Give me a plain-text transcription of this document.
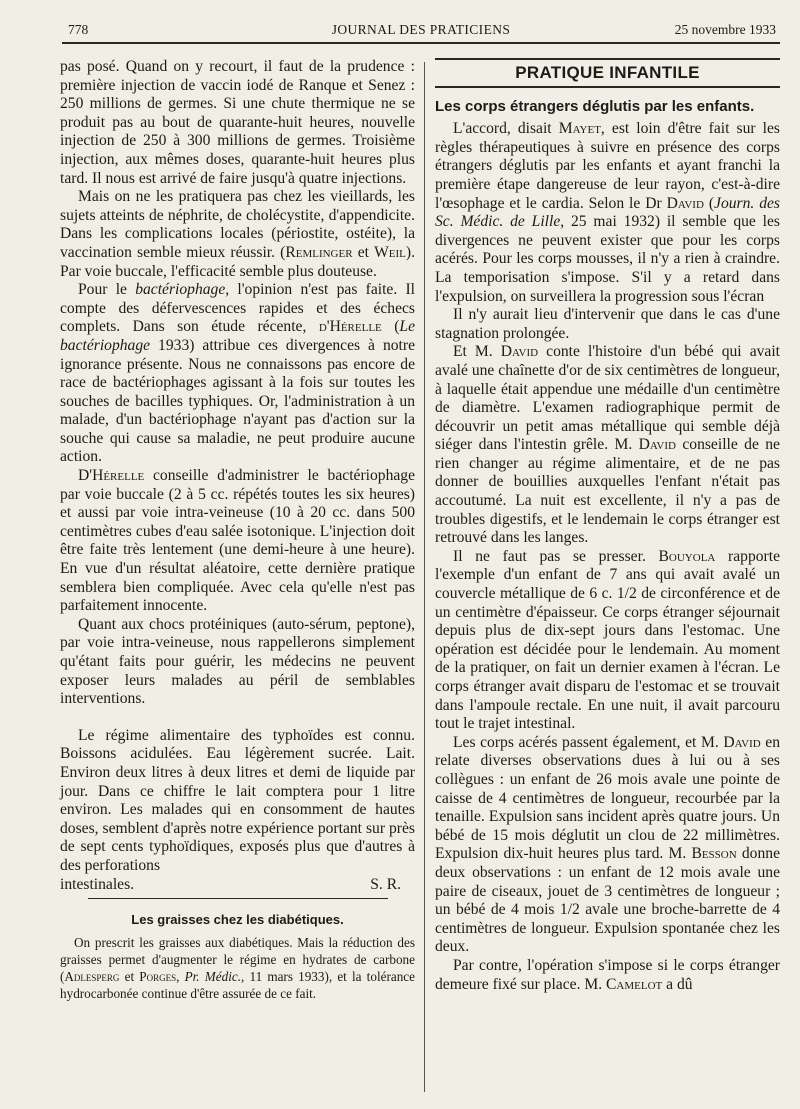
778	JOURNAL DES PRATICIENS	25 novembre 1933

pas posé. Quand on y recourt, il faut de la prudence : première injection de vaccin iodé de Ranque et Senez : 250 millions de germes. Si une chute thermique ne se produit pas au bout de quarante-huit heures, nouvelle injection de 250 à 300 millions de germes. Troisième injection, aux mêmes doses, quarante-huit heures plus tard. Il nous est arrivé de faire jusqu'à quatre injections.

Mais on ne les pratiquera pas chez les vieillards, les sujets atteints de néphrite, de cholécystite, d'appendicite. Dans les complications locales (périostite, ostéite), la vaccination semble mieux réussir. (Remlinger et Weil). Par voie buccale, l'efficacité semble plus douteuse.

Pour le bactériophage, l'opinion n'est pas faite. Il compte des défervescences rapides et des échecs complets. Dans son étude récente, d'Hérelle (Le bactériophage 1933) attribue ces divergences à notre ignorance présente. Nous ne connaissons pas encore de race de bactériophages agissant à la fois sur toutes les souches de bacilles typhiques. Or, l'administration à un malade, d'un bactériophage n'ayant pas d'action sur la souche qui cause sa maladie, ne peut produire aucune action.

D'Hérelle conseille d'administrer le bactériophage par voie buccale (2 à 5 cc. répétés toutes les six heures) et aussi par voie intra-veineuse (10 à 20 cc. dans 500 centimètres cubes d'eau salée isotonique. L'injection doit être faite très lentement (une demi-heure à une heure). En vue d'un résultat aléatoire, cette dernière pratique semblera bien compliquée. Avec cela qu'elle n'est pas parfaitement innocente.

Quant aux chocs protéiniques (auto-sérum, peptone), par voie intra-veineuse, nous rappellerons simplement qu'étant faits pour guérir, les médecins ne peuvent exposer leurs malades au péril de semblables interventions.

Le régime alimentaire des typhoïdes est connu. Boissons acidulées. Eau légèrement sucrée. Lait. Environ deux litres à deux litres et demi de liquide par jour. Dans ce chiffre le lait comptera pour 1 litre environ. Les malades qui en consomment de hautes doses, semblent d'après notre expérience portant sur près de sept cents typhoïdiques, exposés plus que d'autres à des perforations

intestinales.	S. R.

Les graisses chez les diabétiques.

On prescrit les graisses aux diabétiques. Mais la réduction des graisses permet d'augmenter le régime en hydrates de carbone (Adlesperg et Porges, Pr. Médic., 11 mars 1933), et la tolérance hydrocarbonée continue d'être assurée de ce fait.

PRATIQUE INFANTILE

Les corps étrangers déglutis par les enfants.

L'accord, disait Mayet, est loin d'être fait sur les règles thérapeutiques à suivre en présence des corps étrangers déglutis par les enfants et ayant franchi la première étape dangereuse de leur rayon, c'est-à-dire l'œsophage et le cardia. Selon le Dr David (Journ. des Sc. Médic. de Lille, 25 mai 1932) il semble que les divergences ne peuvent exister que pour les corps acérés. Pour les corps mousses, il n'y a rien à craindre. La temporisation s'impose. S'il y a retard dans l'expulsion, on surveillera la progression sous l'écran

Il n'y aurait lieu d'intervenir que dans le cas d'une stagnation prolongée.

Et M. David conte l'histoire d'un bébé qui avait avalé une chaînette d'or de six centimètres de longueur, à laquelle était appendue une médaille d'un centimètre de diamètre. L'examen radiographique permit de découvrir un petit amas métallique qui semble déjà siéger dans l'intestin grêle. M. David conseille de ne rien changer au régime alimentaire, et de ne pas donner de bouillies auxquelles l'enfant n'était pas accoutumé. La nuit est excellente, il n'y a pas de troubles digestifs, et le lendemain le corps étranger est retrouvé dans les langes.

Il ne faut pas se presser. Bouyola rapporte l'exemple d'un enfant de 7 ans qui avait avalé un couvercle métallique de 6 c. 1/2 de circonférence et de un centimètre d'épaisseur. Ce corps étranger séjournait depuis plus de dix-sept jours dans l'estomac. Une opération est décidée pour le lendemain. Au moment de la pratiquer, on fait un dernier examen à l'écran. Le corps étranger avait disparu de l'estomac et se trouvait dans l'ampoule rectale. En une nuit, il avait parcouru tout le trajet intestinal.

Les corps acérés passent également, et M. David en relate diverses observations dues à lui ou à ses collègues : un enfant de 26 mois avale une pointe de caisse de 4 centimètres de longueur, recourbée par la tenaille. Expulsion sans incident après quatre jours. Un bébé de 15 mois déglutit un clou de 22 millimètres. Expulsion dix-huit heures plus tard. M. Besson donne deux observations : un enfant de 12 mois avale une paire de ciseaux, jouet de 3 centimètres de longueur ; un bébé de 4 mois 1/2 avale une broche-barrette de 4 centimètres de longueur. Expulsion spontanée chez les deux.

Par contre, l'opération s'impose si le corps étranger demeure fixé sur place. M. Camelot a dû
